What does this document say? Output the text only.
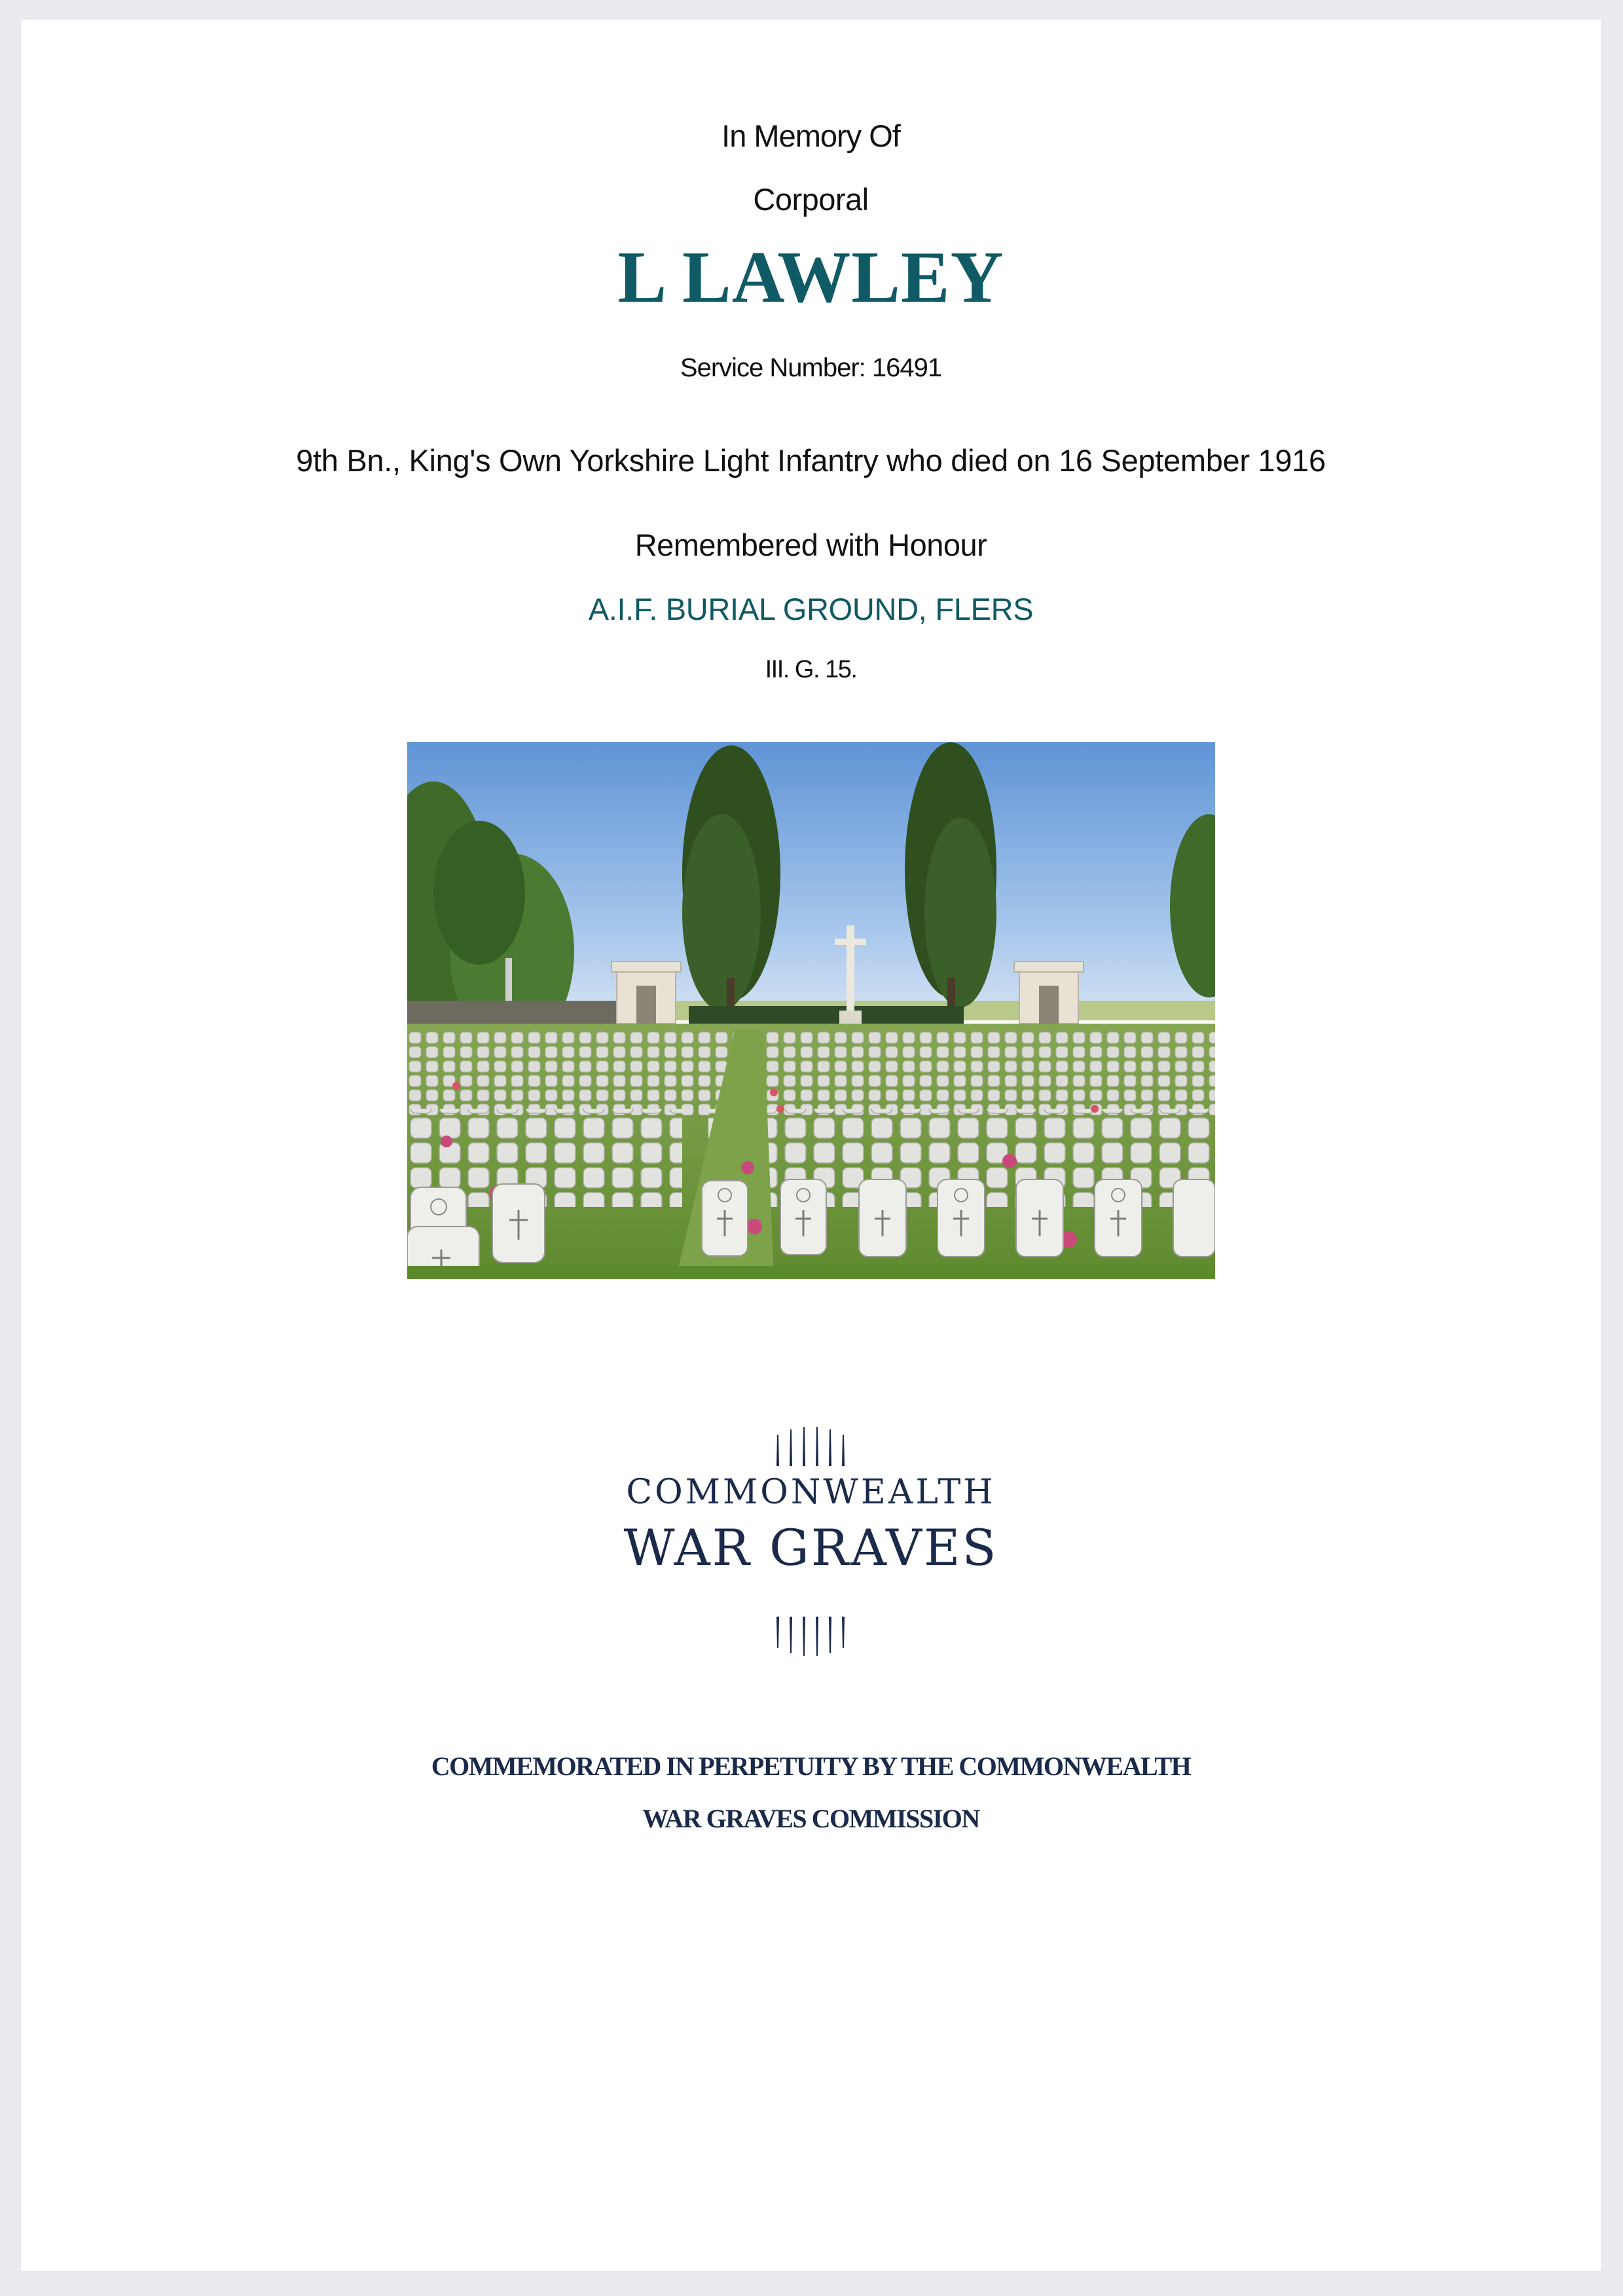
In Memory Of

Corporal

L LAWLEY

Service Number: 16491

9th Bn., King's Own Yorkshire Light Infantry who died on 16 September 1916

Remembered with Honour

A.I.F. BURIAL GROUND, FLERS

III. G. 15.

COMMONWEALTH
WAR GRAVES

COMMEMORATED IN PERPETUITY BY THE COMMONWEALTH

WAR GRAVES COMMISSION
